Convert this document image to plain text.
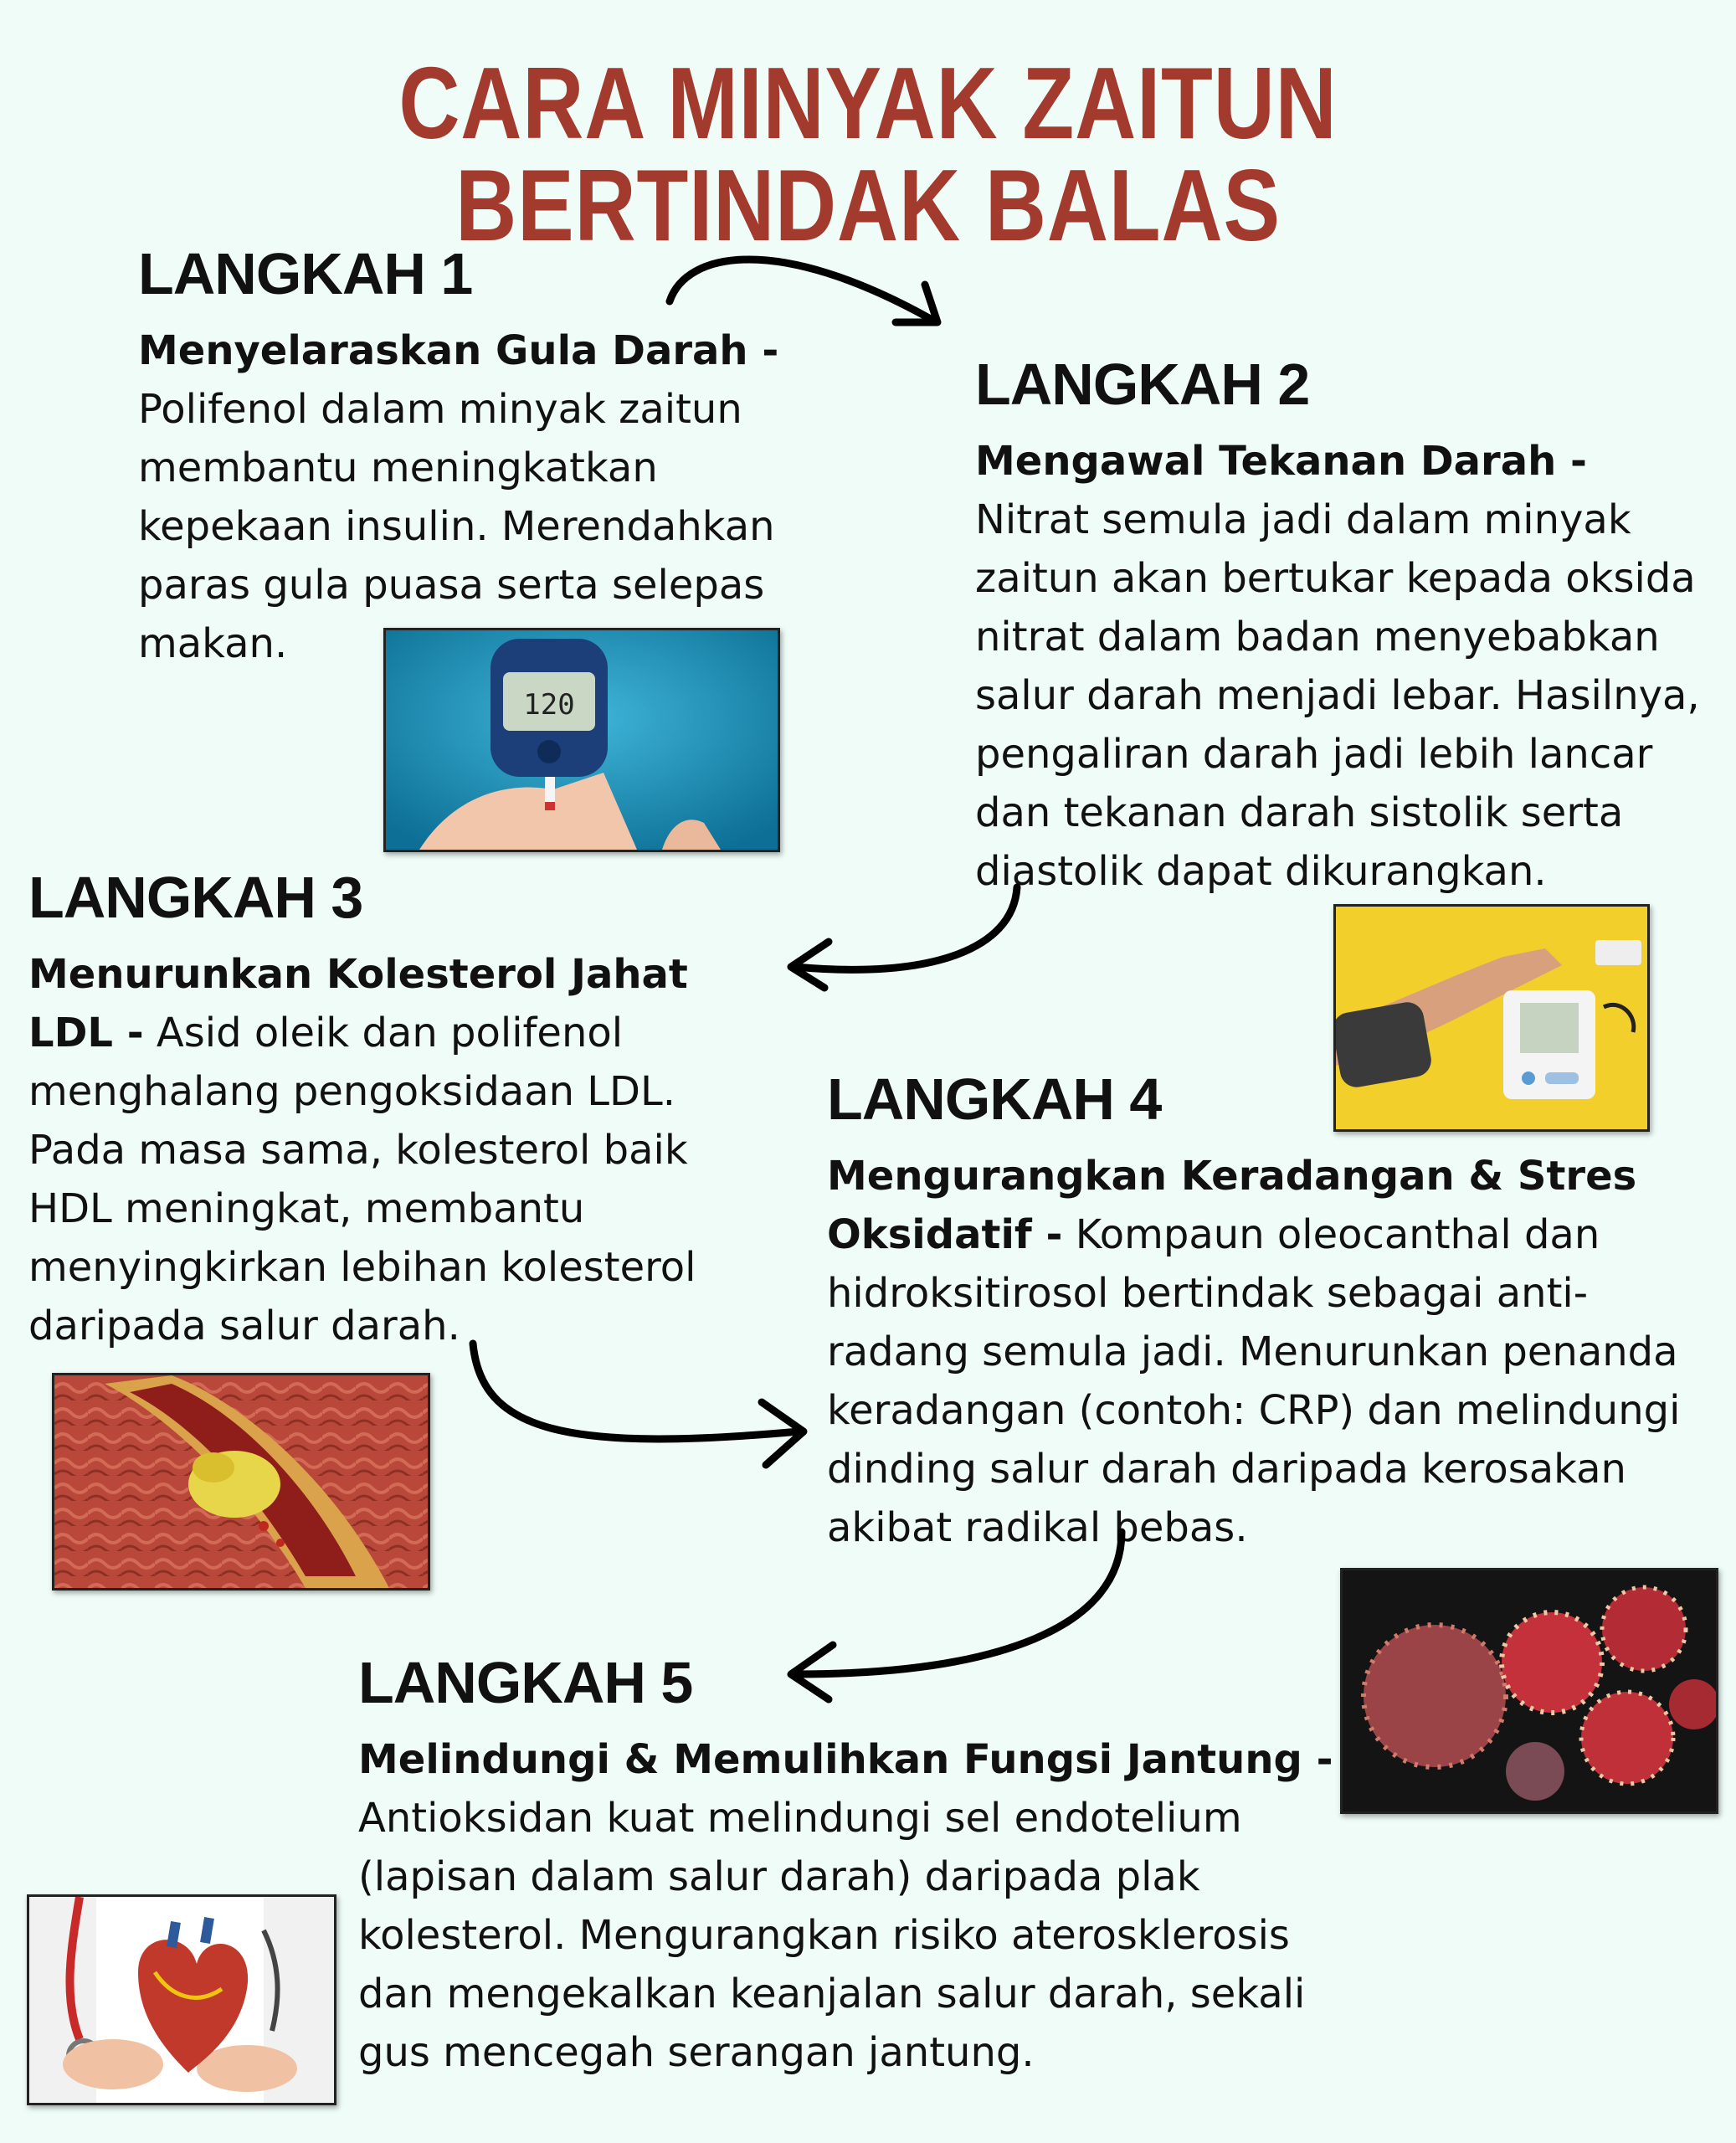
CARA MINYAK ZAITUN BERTINDAK BALAS
LANGKAH 1

Menyelaraskan Gula Darah -
Polifenol dalam minyak zaitun membantu meningkatkan kepekaan insulin. Merendahkan paras gula puasa serta selepas makan.

LANGKAH 2

Mengawal Tekanan Darah - Nitrat semula jadi dalam minyak zaitun akan bertukar kepada oksida nitrat dalam badan menyebabkan salur darah menjadi lebar. Hasilnya, pengaliran darah jadi lebih lancar dan tekanan darah sistolik serta diastolik dapat dikurangkan.

LANGKAH 3

Menurunkan Kolesterol Jahat LDL - Asid oleik dan polifenol menghalang pengoksidaan LDL. Pada masa sama, kolesterol baik HDL meningkat, membantu menyingkirkan lebihan kolesterol daripada salur darah.

LANGKAH 4

Mengurangkan Keradangan & Stres Oksidatif - Kompaun oleocanthal dan hidroksitirosol bertindak sebagai anti-radang semula jadi. Menurunkan penanda keradangan (contoh: CRP) dan melindungi dinding salur darah daripada kerosakan akibat radikal bebas.

LANGKAH 5

Melindungi & Memulihkan Fungsi Jantung -
Antioksidan kuat melindungi sel endotelium (lapisan dalam salur darah) daripada plak kolesterol. Mengurangkan risiko aterosklerosis dan mengekalkan keanjalan salur darah, sekali gus mencegah serangan jantung.

120
